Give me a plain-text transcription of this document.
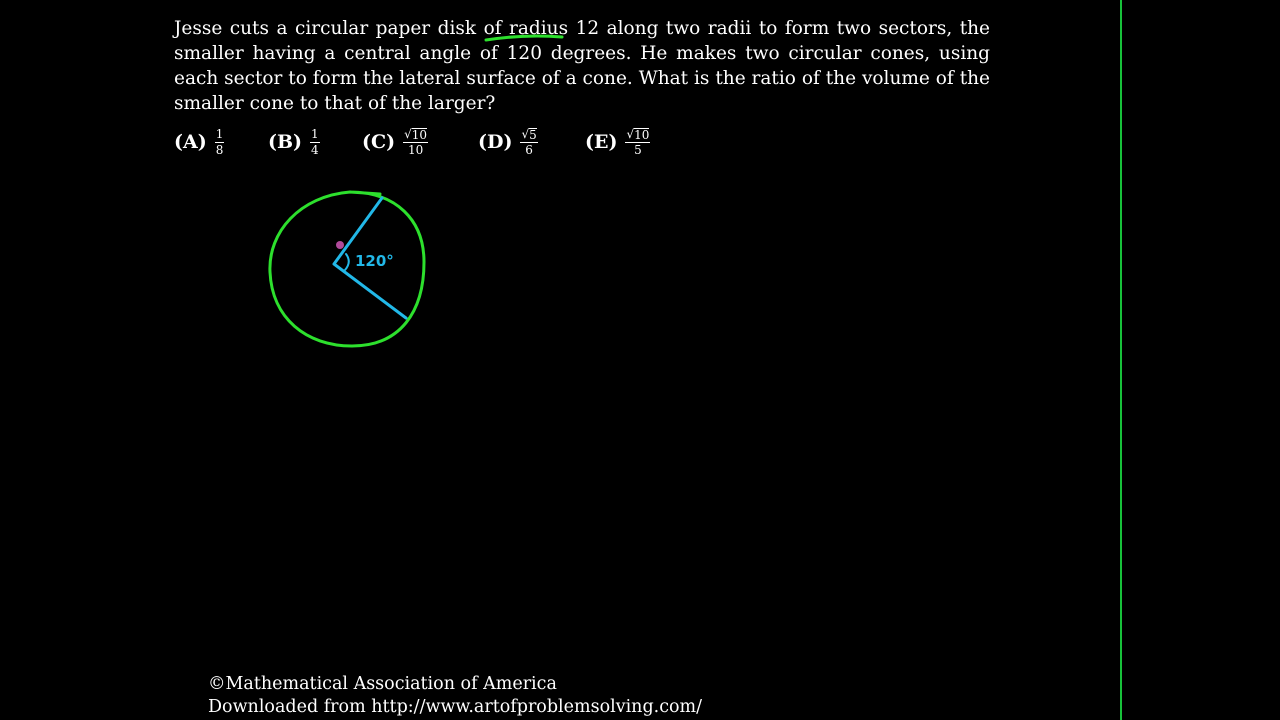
Jesse cuts a circular paper disk of radius 12 along two radii to form two sectors, the smaller having a central angle of 120 degrees. He makes two circular cones, using each sector to form the lateral surface of a cone. What is the ratio of the volume of the smaller cone to that of the larger?
$(A) \frac{1}{8} (B) \frac{1}{4} (C) \frac{√ 10}{10}$	$(D) \frac{√ 5}{6} (E) \frac{√ 10}{5}$
120°
©Mathematical Association of America
Downloaded from http://www.artofproblemsolving.com/
